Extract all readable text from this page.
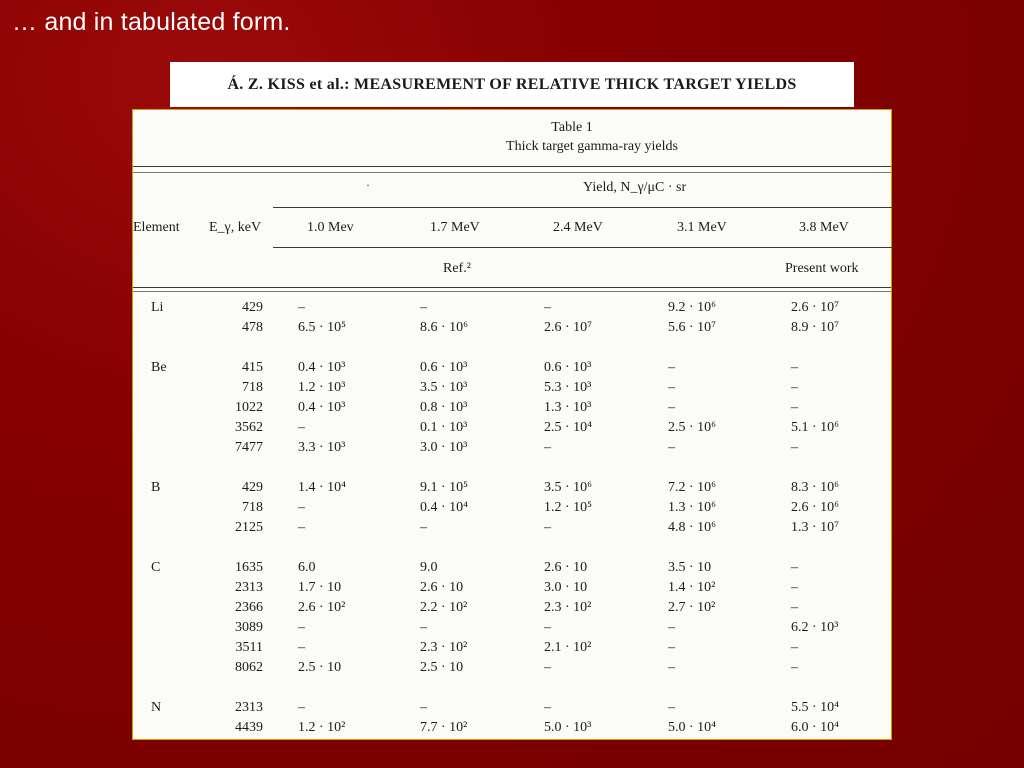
… and in tabulated form.
Á. Z. KISS et al.: MEASUREMENT OF RELATIVE THICK TARGET YIELDS
Table 1
Thick target gamma-ray yields
·	Yield, N_γ/μC · sr
Element E_γ, keV	1.0 Mev	1.7 MeV	2.4 MeV	3.1 MeV	3.8 MeV
Ref.²	Present work
Li	429	–	–	–	9.2 · 10⁶	2.6 · 10⁷
478	6.5 · 10⁵	8.6 · 10⁶	2.6 · 10⁷	5.6 · 10⁷	8.9 · 10⁷
Be	415	0.4 · 10³	0.6 · 10³	0.6 · 10³	–	–
718	1.2 · 10³	3.5 · 10³	5.3 · 10³	–	–
1022	0.4 · 10³	0.8 · 10³	1.3 · 10³	–	–
3562	–	0.1 · 10³	2.5 · 10⁴	2.5 · 10⁶	5.1 · 10⁶
7477	3.3 · 10³	3.0 · 10³	–	–	–
B	429	1.4 · 10⁴	9.1 · 10⁵	3.5 · 10⁶	7.2 · 10⁶	8.3 · 10⁶
718	–	0.4 · 10⁴	1.2 · 10⁵	1.3 · 10⁶	2.6 · 10⁶
2125	–	–	–	4.8 · 10⁶	1.3 · 10⁷
C	1635	6.0	9.0	2.6 · 10	3.5 · 10	–
2313	1.7 · 10	2.6 · 10	3.0 · 10	1.4 · 10²	–
2366	2.6 · 10²	2.2 · 10²	2.3 · 10²	2.7 · 10²	–
3089	–	–	–	–	6.2 · 10³
3511	–	2.3 · 10²	2.1 · 10²	–	–
8062	2.5 · 10	2.5 · 10	–	–	–
N	2313	–	–	–	–	5.5 · 10⁴
4439	1.2 · 10²	7.7 · 10²	5.0 · 10³	5.0 · 10⁴	6.0 · 10⁴
